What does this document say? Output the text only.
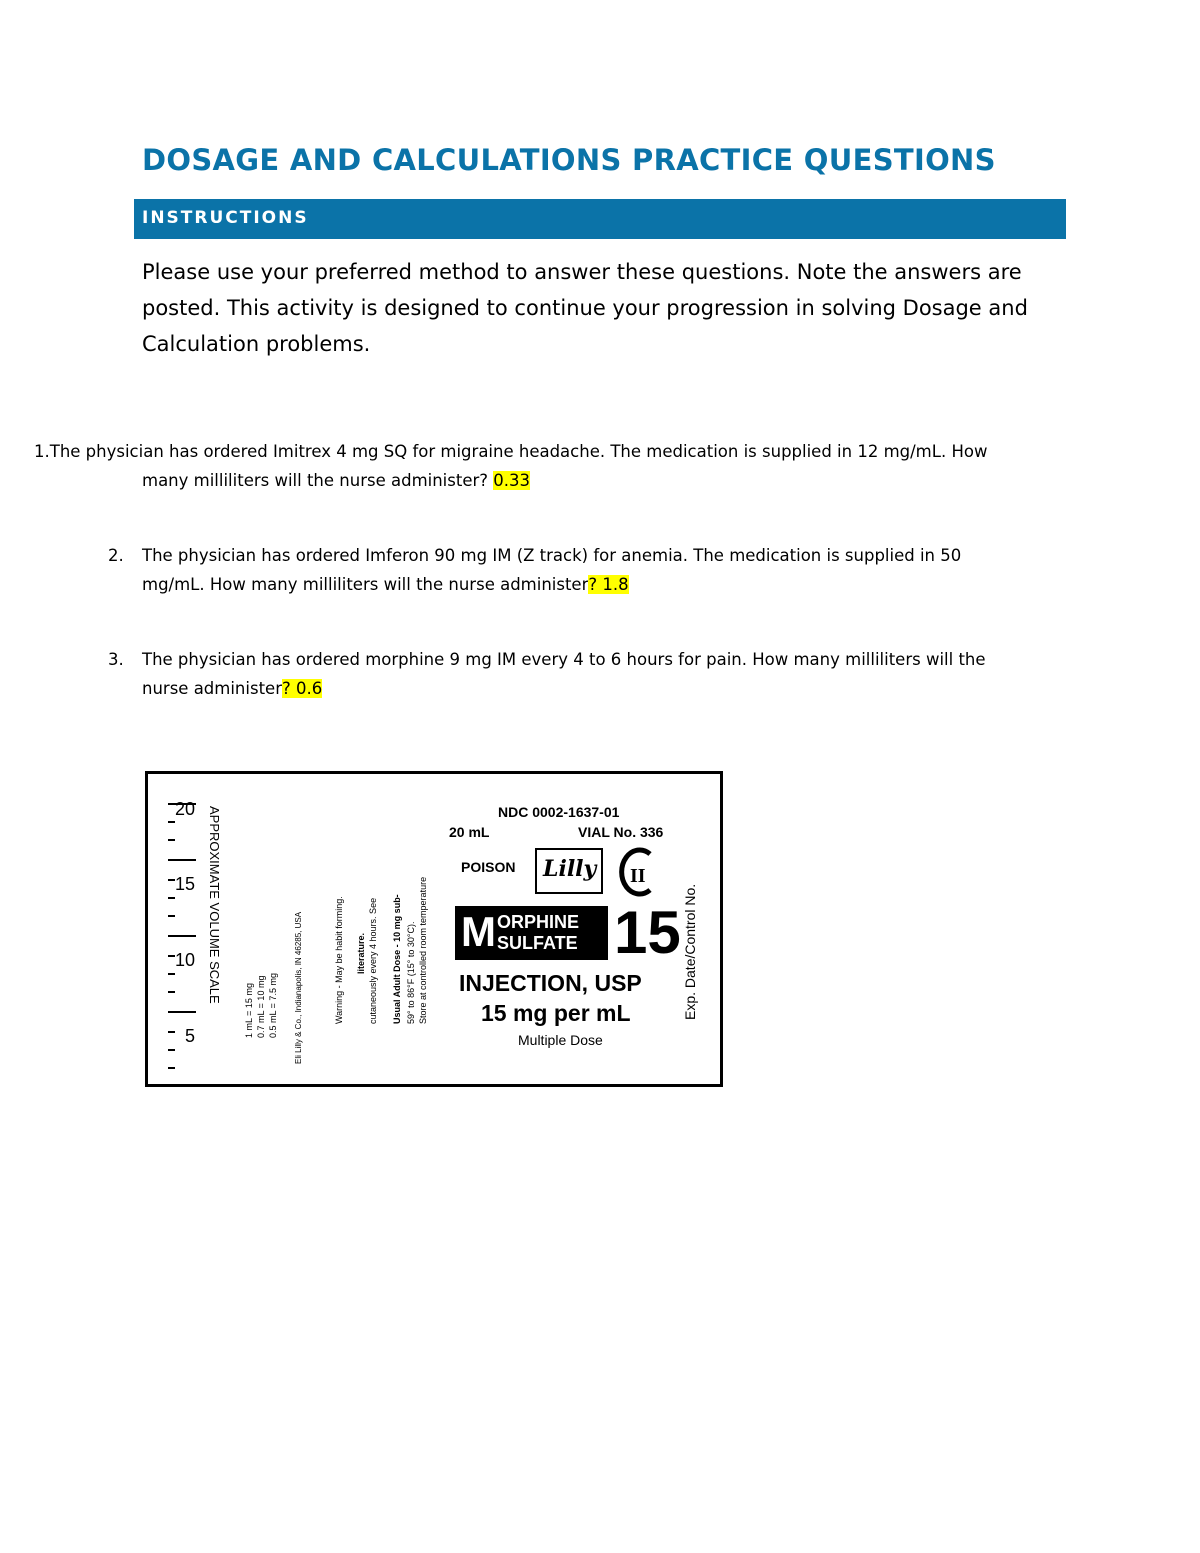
DOSAGE AND CALCULATIONS PRACTICE QUESTIONS
INSTRUCTIONS
Please use your preferred method to answer these questions. Note the answers are posted. This activity is designed to continue your progression in solving Dosage and Calculation problems.
1.The physician has ordered Imitrex 4 mg SQ for migraine headache. The medication is supplied in 12 mg/mL. How
many milliliters will the nurse administer? 0.33
2. The physician has ordered Imferon 90 mg IM (Z track) for anemia. The medication is supplied in 50
mg/mL. How many milliliters will the nurse administer? 1.8
3. The physician has ordered morphine 9 mg IM every 4 to 6 hours for pain. How many milliliters will the
nurse administer? 0.6
20
15
10
5
APPROXIMATE VOLUME SCALE
1 mL = 15 mg 0.7 mL = 10 mg 0.5 mL = 7.5 mg Eli Lilly & Co., Indianapolis, IN 46285, USA	Warning - May be habit forming. literature. cutaneously every 4 hours. See Usual Adult Dose - 10 mg sub- 59° to 86°F (15° to 30°C). Store at controlled room temperature
NDC 0002-1637-01
20 mL	VIAL No. 336
POISON Lilly II
M ORPHINE
SULFATE 15
INJECTION, USP
15 mg per mL
Multiple Dose
Exp. Date/Control No.
